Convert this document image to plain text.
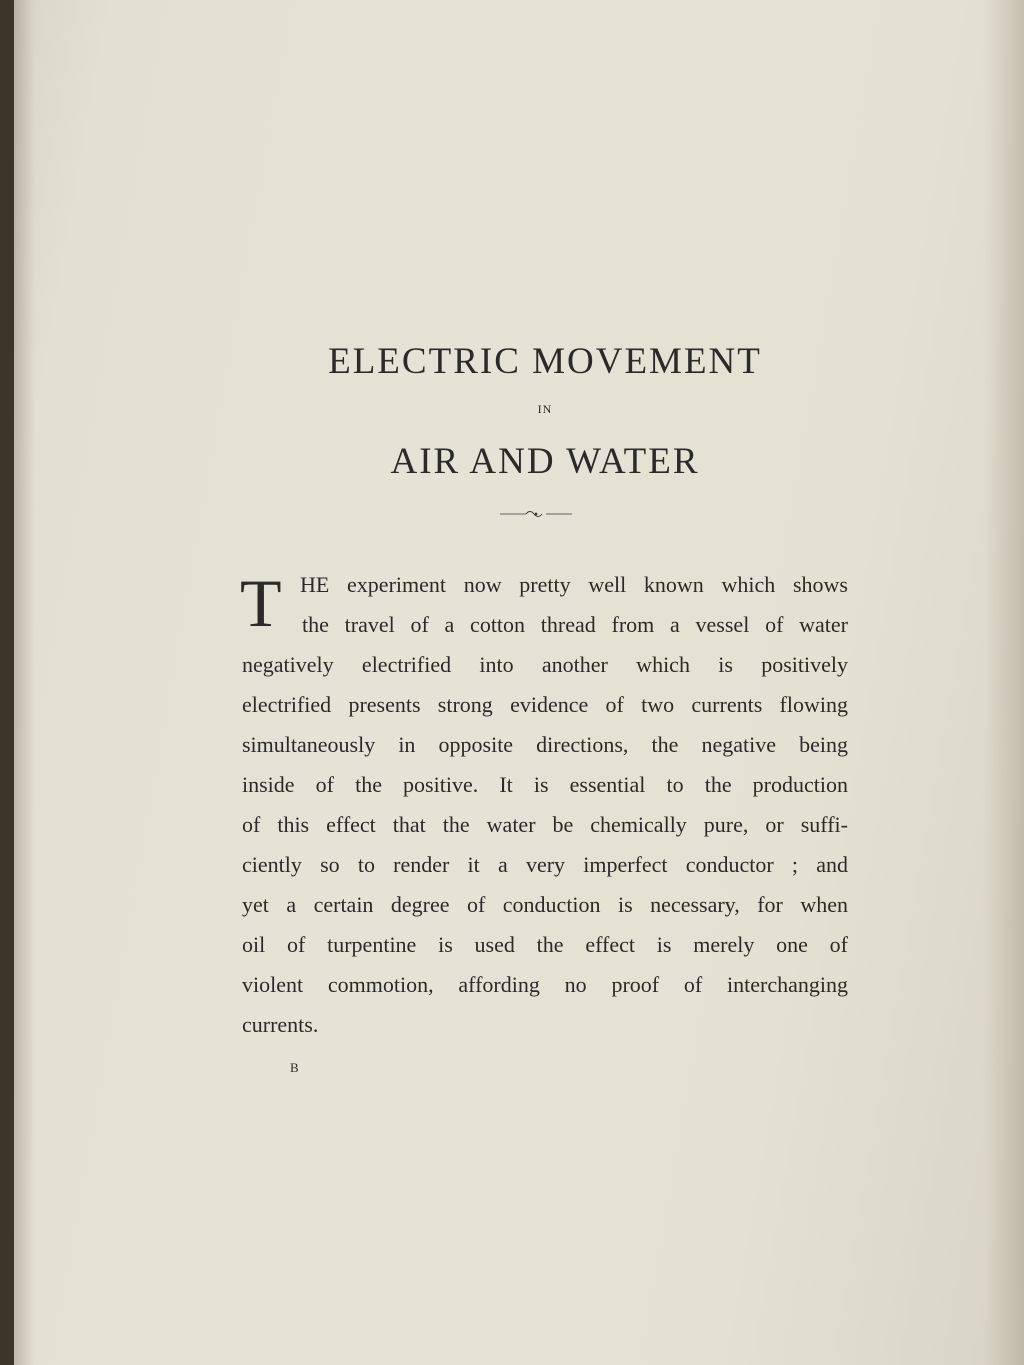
ELECTRIC MOVEMENT
IN
AIR AND WATER
T HE experiment now pretty well known which shows
the travel of a cotton thread from a vessel of water
negatively electrified into another which is positively
electrified presents strong evidence of two currents flowing
simultaneously in opposite directions, the negative being
inside of the positive. It is essential to the production
of this effect that the water be chemically pure, or suffi-
ciently so to render it a very imperfect conductor ; and
yet a certain degree of conduction is necessary, for when
oil of turpentine is used the effect is merely one of
violent commotion, affording no proof of interchanging
currents.
B
